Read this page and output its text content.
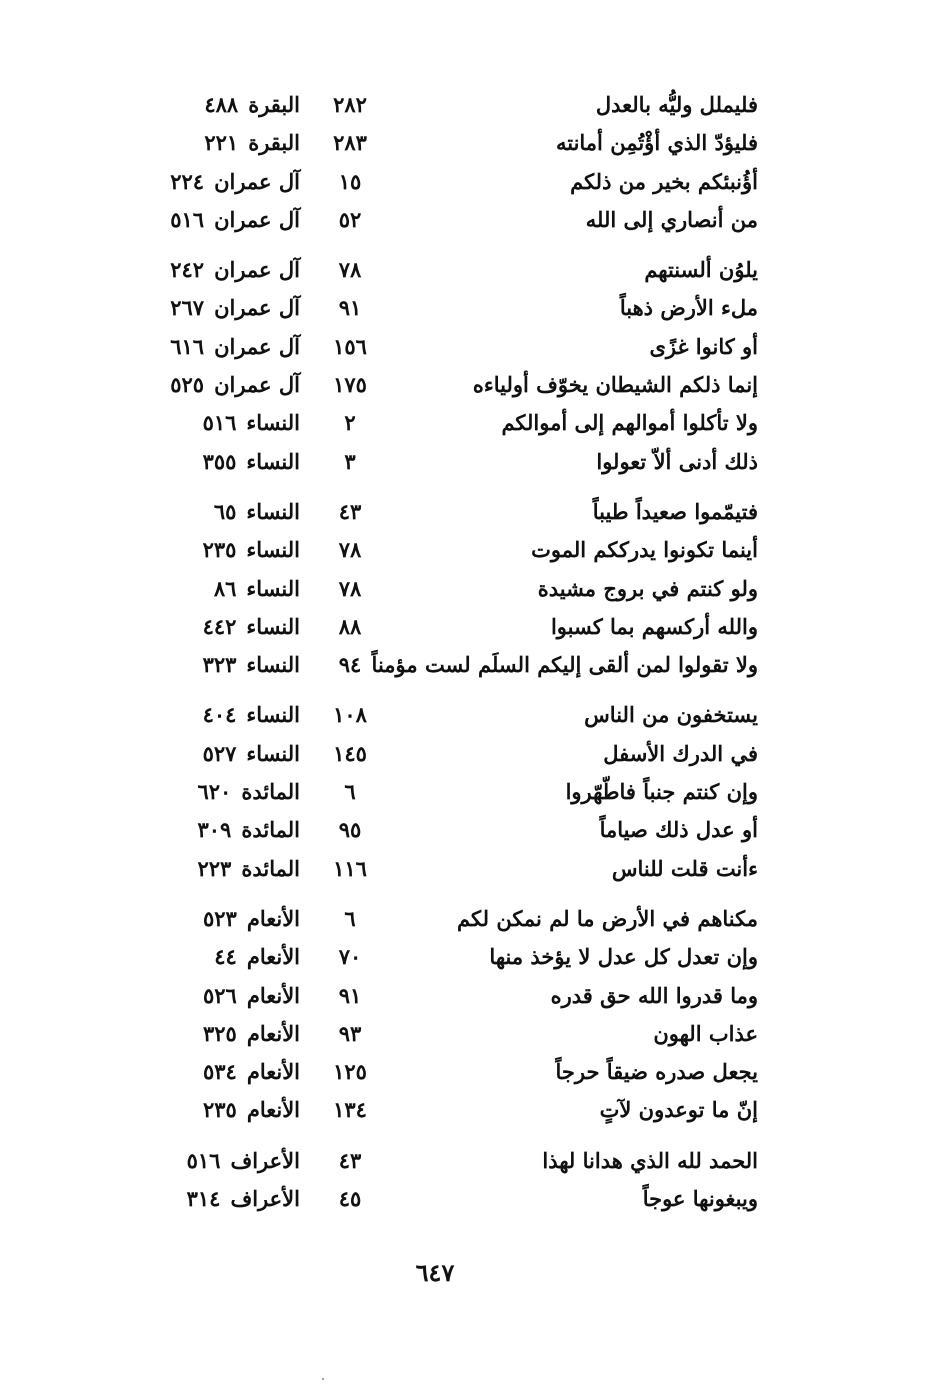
فليملل وليُّه بالعدل
٢٨٢
البقرة٤٨٨
فليؤدّ الذي أؤْتُمِن أمانته
٢٨٣
البقرة٢٢١
أؤُنبئكم بخير من ذلكم
١٥
آل عمران٢٢٤
من أنصاري إلى الله
٥٢
آل عمران٥١٦
يلوُن ألسنتهم
٧٨
آل عمران٢٤٢
ملء الأرض ذهباً
٩١
آل عمران٢٦٧
أو كانوا غزًى
١٥٦
آل عمران٦١٦
إنما ذلكم الشيطان يخوّف أولياءه
١٧٥
آل عمران٥٢٥
ولا تأكلوا أموالهم إلى أموالكم
٢
النساء٥١٦
ذلك أدنى ألاّ تعولوا
٣
النساء٣٥٥
فتيمّموا صعيداً طيباً
٤٣
النساء٦٥
أينما تكونوا يدرككم الموت
٧٨
النساء٢٣٥
ولو كنتم في بروج مشيدة
٧٨
النساء٨٦
والله أركسهم بما كسبوا
٨٨
النساء٤٤٢
ولا تقولوا لمن ألقى إليكم السلَم لست مؤمناً
٩٤
النساء٣٢٣
يستخفون من الناس
١٠٨
النساء٤٠٤
في الدرك الأسفل
١٤٥
النساء٥٢٧
وإن كنتم جنباً فاطّهّروا
٦
المائدة٦٢٠
أو عدل ذلك صياماً
٩٥
المائدة٣٠٩
ءأنت قلت للناس
١١٦
المائدة٢٢٣
مكناهم في الأرض ما لم نمكن لكم
٦
الأنعام٥٢٣
وإن تعدل كل عدل لا يؤخذ منها
٧٠
الأنعام٤٤
وما قدروا الله حق قدره
٩١
الأنعام٥٢٦
عذاب الهون
٩٣
الأنعام٣٢٥
يجعل صدره ضيقاً حرجاً
١٢٥
الأنعام٥٣٤
إنّ ما توعدون لآتٍ
١٣٤
الأنعام٢٣٥
الحمد لله الذي هدانا لهذا
٤٣
الأعراف٥١٦
ويبغونها عوجاً
٤٥
الأعراف٣١٤
٦٤٧
